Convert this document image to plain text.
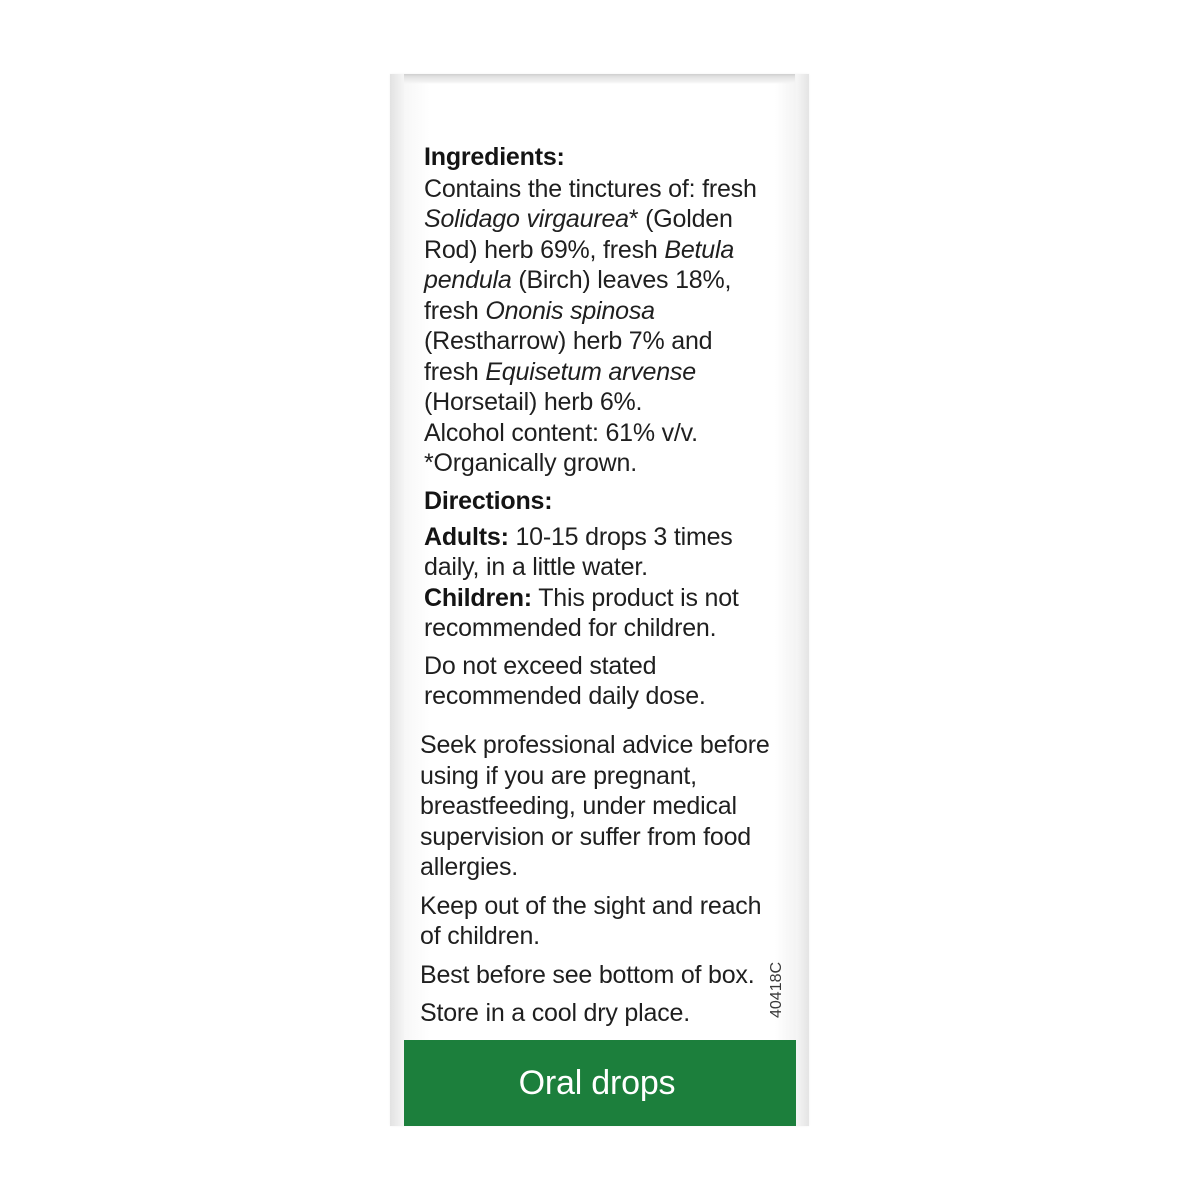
Ingredients:
Contains the tinctures of: fresh
Solidago virgaurea* (Golden
Rod) herb 69%, fresh Betula
pendula (Birch) leaves 18%,
fresh Ononis spinosa
(Restharrow) herb 7% and
fresh Equisetum arvense
(Horsetail) herb 6%.
Alcohol content: 61% v/v.
*Organically grown.
Directions:
Adults: 10-15 drops 3 times
daily, in a little water.
Children: This product is not
recommended for children.
Do not exceed stated
recommended daily dose.
Seek professional advice before
using if you are pregnant,
breastfeeding, under medical
supervision or suffer from food
allergies.
Keep out of the sight and reach
of children.
Best before see bottom of box.
Store in a cool dry place.	40418C
Oral drops
